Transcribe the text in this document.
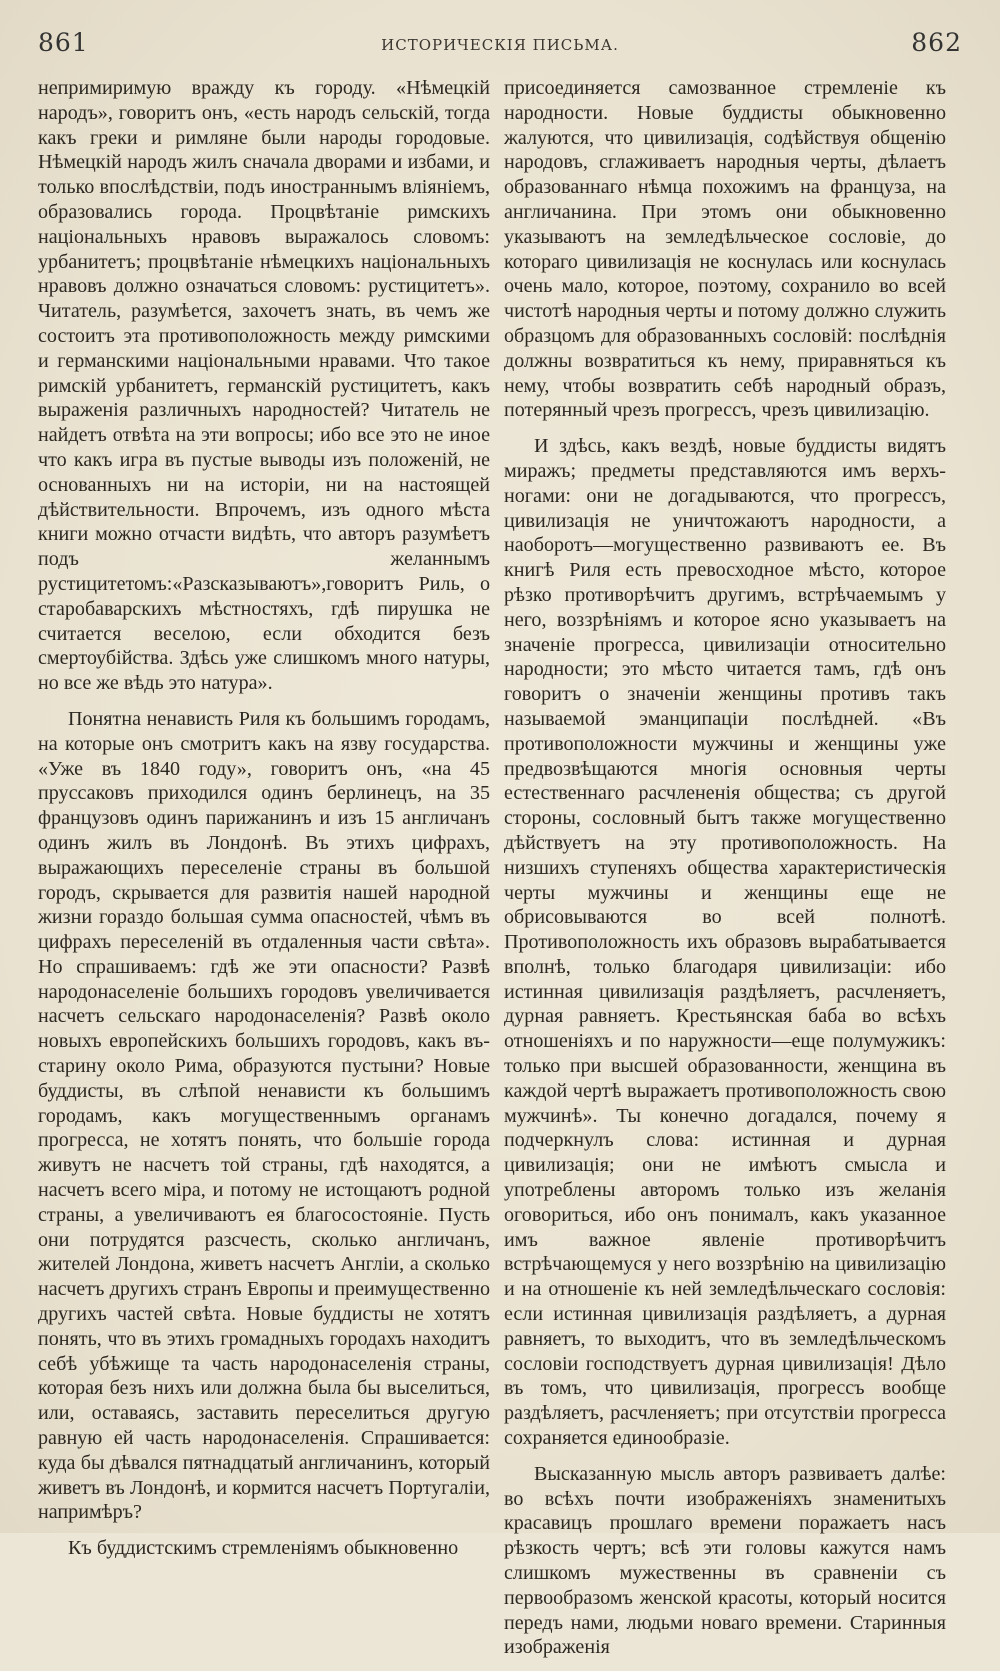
861	ИСТОРИЧЕСКІЯ ПИСЬМА.	862

непримиримую вражду къ городу. «Нѣмецкій народъ», говоритъ онъ, «есть народъ сельскій, тогда какъ греки и римляне были народы городовые. Нѣмецкій народъ жилъ сначала дворами и избами, и только впослѣдствіи, подъ иностраннымъ вліяніемъ, образовались города. Процвѣтаніе римскихъ національныхъ нравовъ выражалось словомъ: урбанитетъ; процвѣтаніе нѣмецкихъ національныхъ нравовъ должно означаться словомъ: рустицитетъ». Читатель, разумѣется, захочетъ знать, въ чемъ же состоитъ эта противоположность между римскими и германскими національными нравами. Что такое римскій урбанитетъ, германскій рустицитетъ, какъ выраженія различныхъ народностей? Читатель не найдетъ отвѣта на эти вопросы; ибо все это не иное что какъ игра въ пустые выводы изъ положеній, не основанныхъ ни на исторіи, ни на настоящей дѣйствительности. Впрочемъ, изъ одного мѣста книги можно отчасти видѣть, что авторъ разумѣетъ подъ желаннымъ рустицитетомъ:«Разсказываютъ»,говоритъ Риль, о старобаварскихъ мѣстностяхъ, гдѣ пирушка не считается веселою, если обходится безъ смертоубійства. Здѣсь уже слишкомъ много натуры, но все же вѣдь это натура».

Понятна ненависть Риля къ большимъ городамъ, на которые онъ смотритъ какъ на язву государства. «Уже въ 1840 году», говоритъ онъ, «на 45 пруссаковъ приходился одинъ берлинецъ, на 35 французовъ одинъ парижанинъ и изъ 15 англичанъ одинъ жилъ въ Лондонѣ. Въ этихъ цифрахъ, выражающихъ переселеніе страны въ большой городъ, скрывается для развитія нашей народной жизни гораздо большая сумма опасностей, чѣмъ въ цифрахъ переселеній въ отдаленныя части свѣта». Но спрашиваемъ: гдѣ же эти опасности? Развѣ народонаселеніе большихъ городовъ увеличивается насчетъ сельскаго народонаселенія? Развѣ около новыхъ европейскихъ большихъ городовъ, какъ въ-старину около Рима, образуются пустыни? Новые буддисты, въ слѣпой ненависти къ большимъ городамъ, какъ могущественнымъ органамъ прогресса, не хотятъ понять, что большіе города живутъ не насчетъ той страны, гдѣ находятся, а насчетъ всего міра, и потому не истощаютъ родной страны, а увеличиваютъ ея благосостояніе. Пусть они потрудятся разсчесть, сколько англичанъ, жителей Лондона, живетъ насчетъ Англіи, а сколько насчетъ другихъ странъ Европы и преимущественно другихъ частей свѣта. Новые буддисты не хотятъ понять, что въ этихъ громадныхъ городахъ находитъ себѣ убѣжище та часть народонаселенія страны, которая безъ нихъ или должна была бы выселиться, или, оставаясь, заставить переселиться другую равную ей часть народонаселенія. Спрашивается: куда бы дѣвался пятнадцатый англичанинъ, который живетъ въ Лондонѣ, и кормится насчетъ Португаліи, напримѣръ?

Къ буддистскимъ стремленіямъ обыкновенно

присоединяется самозванное стремленіе къ народности. Новые буддисты обыкновенно жалуются, что цивилизація, содѣйствуя общенію народовъ, сглаживаетъ народныя черты, дѣлаетъ образованнаго нѣмца похожимъ на француза, на англичанина. При этомъ они обыкновенно указываютъ на земледѣльческое сословіе, до котораго цивилизація не коснулась или коснулась очень мало, которое, поэтому, сохранило во всей чистотѣ народныя черты и потому должно служить образцомъ для образованныхъ сословій: послѣднія должны возвратиться къ нему, приравняться къ нему, чтобы возвратить себѣ народный образъ, потерянный чрезъ прогрессъ, чрезъ цивилизацію.

И здѣсь, какъ вездѣ, новые буддисты видятъ миражъ; предметы представляются имъ верхъ-ногами: они не догадываются, что прогрессъ, цивилизація не уничтожаютъ народности, а наоборотъ—могущественно развиваютъ ее. Въ книгѣ Риля есть превосходное мѣсто, которое рѣзко противорѣчитъ другимъ, встрѣчаемымъ у него, воззрѣніямъ и которое ясно указываетъ на значеніе прогресса, цивилизаціи относительно народности; это мѣсто читается тамъ, гдѣ онъ говоритъ о значеніи женщины противъ такъ называемой эманципаціи послѣдней. «Въ противоположности мужчины и женщины уже предвозвѣщаются многія основныя черты естественнаго расчлененія общества; съ другой стороны, сословный бытъ также могущественно дѣйствуетъ на эту противоположность. На низшихъ ступеняхъ общества характеристическія черты мужчины и женщины еще не обрисовываются во всей полнотѣ. Противоположность ихъ образовъ вырабатывается вполнѣ, только благодаря цивилизаціи: ибо истинная цивилизація раздѣляетъ, расчленяетъ, дурная равняетъ. Крестьянская баба во всѣхъ отношеніяхъ и по наружности—еще полумужикъ: только при высшей образованности, женщина въ каждой чертѣ выражаетъ противоположность свою мужчинѣ». Ты конечно догадался, почему я подчеркнулъ слова: истинная и дурная цивилизація; они не имѣютъ смысла и употреблены авторомъ только изъ желанія оговориться, ибо онъ понималъ, какъ указанное имъ важное явленіе противорѣчитъ встрѣчающемуся у него воззрѣнію на цивилизацію и на отношеніе къ ней земледѣльческаго сословія: если истинная цивилизація раздѣляетъ, а дурная равняетъ, то выходитъ, что въ земледѣльческомъ сословіи господствуетъ дурная цивилизація! Дѣло въ томъ, что цивилизація, прогрессъ вообще раздѣляетъ, расчленяетъ; при отсутствіи прогресса сохраняется единообразіе.

Высказанную мысль авторъ развиваетъ далѣе: во всѣхъ почти изображеніяхъ знаменитыхъ красавицъ прошлаго времени поражаетъ насъ рѣзкость чертъ; всѣ эти головы кажутся намъ слишкомъ мужественны въ сравненіи съ первообразомъ женской красоты, который носится передъ нами, людьми новаго времени. Старинныя изображенія
